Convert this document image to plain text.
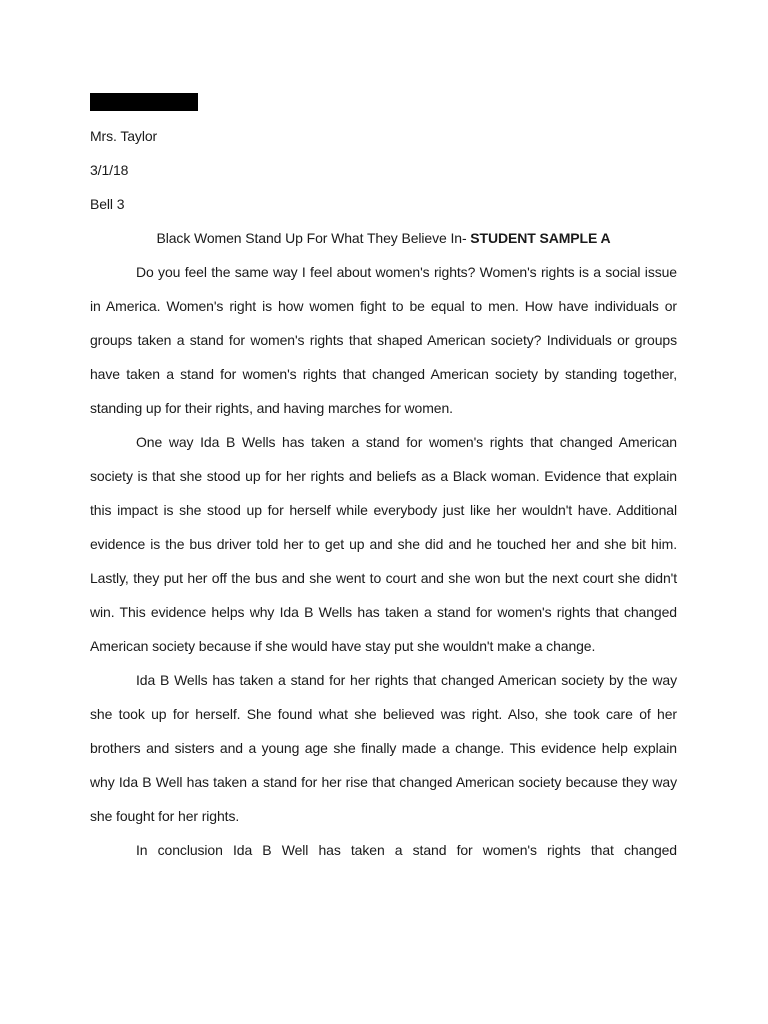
Mrs. Taylor
3/1/18
Bell 3
Black Women Stand Up For What They Believe In- STUDENT SAMPLE A

Do you feel the same way I feel about women's rights? Women's rights is a social issue in America. Women's right is how women fight to be equal to men. How have individuals or groups taken a stand for women's rights that shaped American society? Individuals or groups have taken a stand for women's rights that changed American society by standing together, standing up for their rights, and having marches for women.

One way Ida B Wells has taken a stand for women's rights that changed American society is that she stood up for her rights and beliefs as a Black woman. Evidence that explain this impact is she stood up for herself while everybody just like her wouldn't have. Additional evidence is the bus driver told her to get up and she did and he touched her and she bit him. Lastly, they put her off the bus and she went to court and she won but the next court she didn't win. This evidence helps why Ida B Wells has taken a stand for women's rights that changed American society because if she would have stay put she wouldn't make a change.

Ida B Wells has taken a stand for her rights that changed American society by the way she took up for herself. She found what she believed was right. Also, she took care of her brothers and sisters and a young age she finally made a change. This evidence help explain why Ida B Well has taken a stand for her rise that changed American society because they way she fought for her rights.

In conclusion Ida B Well has taken a stand for women's rights that changed
